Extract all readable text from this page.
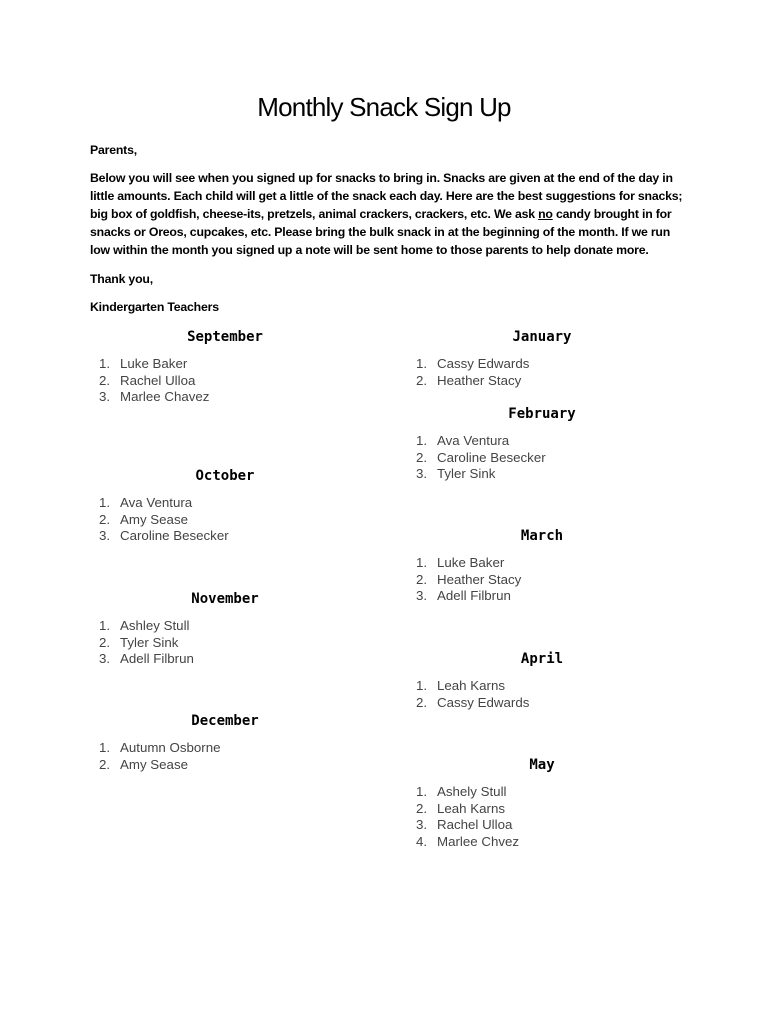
Monthly Snack Sign Up
Parents,

Below you will see when you signed up for snacks to bring in. Snacks are given at the end of the day in little amounts. Each child will get a little of the snack each day. Here are the best suggestions for snacks; big box of goldfish, cheese-its, pretzels, animal crackers, crackers, etc. We ask no candy brought in for snacks or Oreos, cupcakes, etc. Please bring the bulk snack in at the beginning of the month. If we run low within the month you signed up a note will be sent home to those parents to help donate more.

Thank you,
Kindergarten Teachers
September
1. Luke Baker
2. Rachel Ulloa
3. Marlee Chavez
October
1. Ava Ventura
2. Amy Sease
3. Caroline Besecker
November
1. Ashley Stull
2. Tyler Sink
3. Adell Filbrun
December
1. Autumn Osborne
2. Amy Sease
January
1. Cassy Edwards
2. Heather Stacy
February
1. Ava Ventura
2. Caroline Besecker
3. Tyler Sink
March
1. Luke Baker
2. Heather Stacy
3. Adell Filbrun
April
1. Leah Karns
2. Cassy Edwards
May
1. Ashely Stull
2. Leah Karns
3. Rachel Ulloa
4. Marlee Chvez
